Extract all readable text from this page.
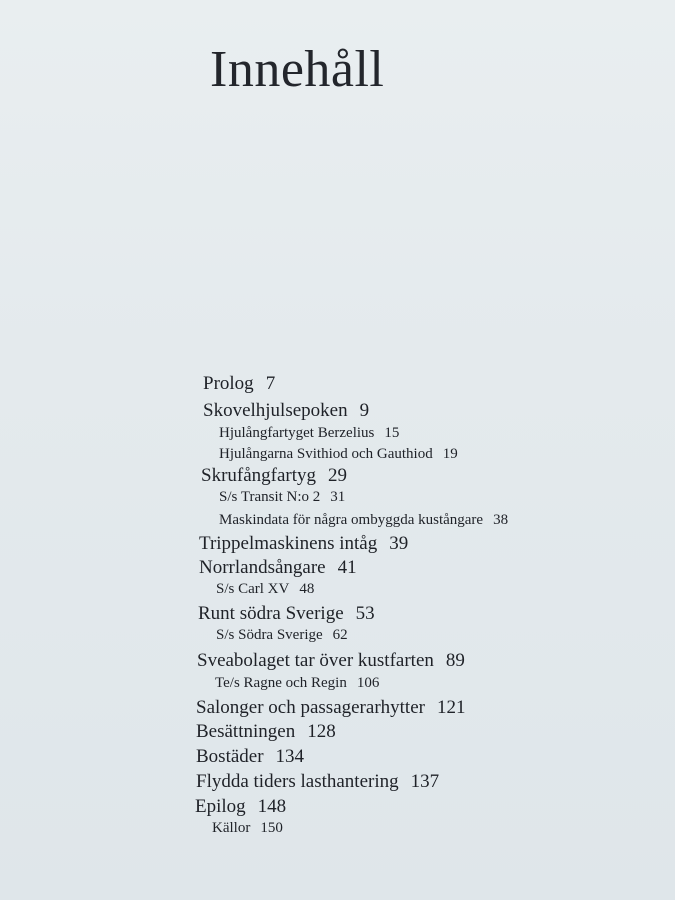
Innehåll
Prolog 7
Skovelhjulsepoken 9
Hjulångfartyget Berzelius 15
Hjulångarna Svithiod och Gauthiod 19
Skrufångfartyg 29
S/s Transit N:o 2 31
Maskindata för några ombyggda kustångare 38
Trippelmaskinens intåg 39
Norrlandsångare 41
S/s Carl XV 48
Runt södra Sverige 53
S/s Södra Sverige 62
Sveabolaget tar över kustfarten 89
Te/s Ragne och Regin 106
Salonger och passagerarhytter 121
Besättningen 128
Bostäder 134
Flydda tiders lasthantering 137
Epilog 148
Källor 150
